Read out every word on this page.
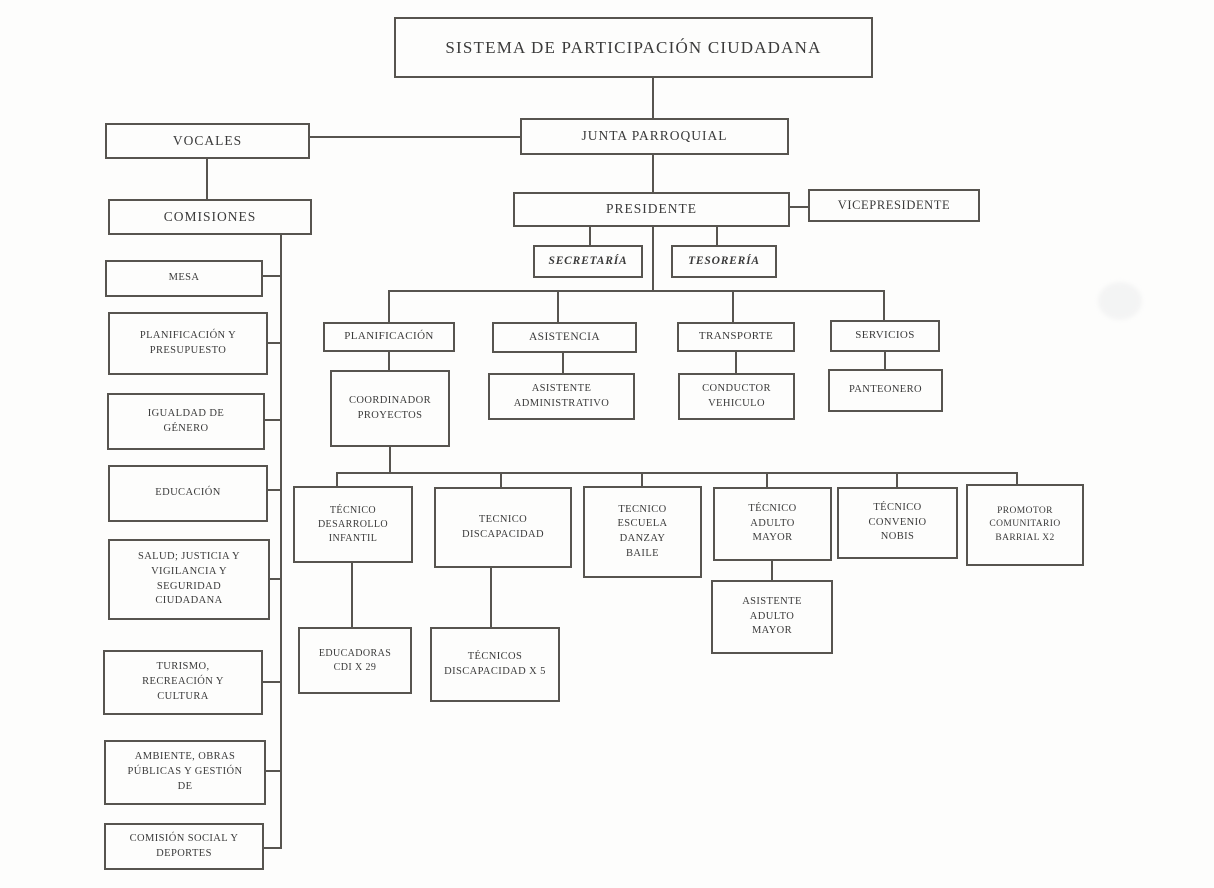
SISTEMA DE PARTICIPACIÓN CIUDADANA
JUNTA PARROQUIAL
VOCALES
COMISIONES	PRESIDENTE	VICEPRESIDENTE
SECRETARÍA	TESORERÍA
PLANIFICACIÓN	ASISTENCIA	TRANSPORTE	SERVICIOS
COORDINADOR PROYECTOS
ASISTENTE ADMINISTRATIVO
CONDUCTOR VEHICULO
PANTEONERO
TÉCNICO DESARROLLO INFANTIL
TECNICO DISCAPACIDAD
TECNICO ESCUELA DANZAY BAILE
TÉCNICO ADULTO MAYOR
TÉCNICO CONVENIO NOBIS
PROMOTOR COMUNITARIO BARRIAL X2
EDUCADORAS CDI X 29
TÉCNICOS DISCAPACIDAD X 5
ASISTENTE ADULTO MAYOR
MESA
PLANIFICACIÓN Y PRESUPUESTO
IGUALDAD DE GÉNERO
EDUCACIÓN
SALUD; JUSTICIA Y VIGILANCIA Y SEGURIDAD CIUDADANA
TURISMO, RECREACIÓN Y CULTURA
AMBIENTE, OBRAS PÚBLICAS Y GESTIÓN DE
COMISIÓN SOCIAL Y DEPORTES
